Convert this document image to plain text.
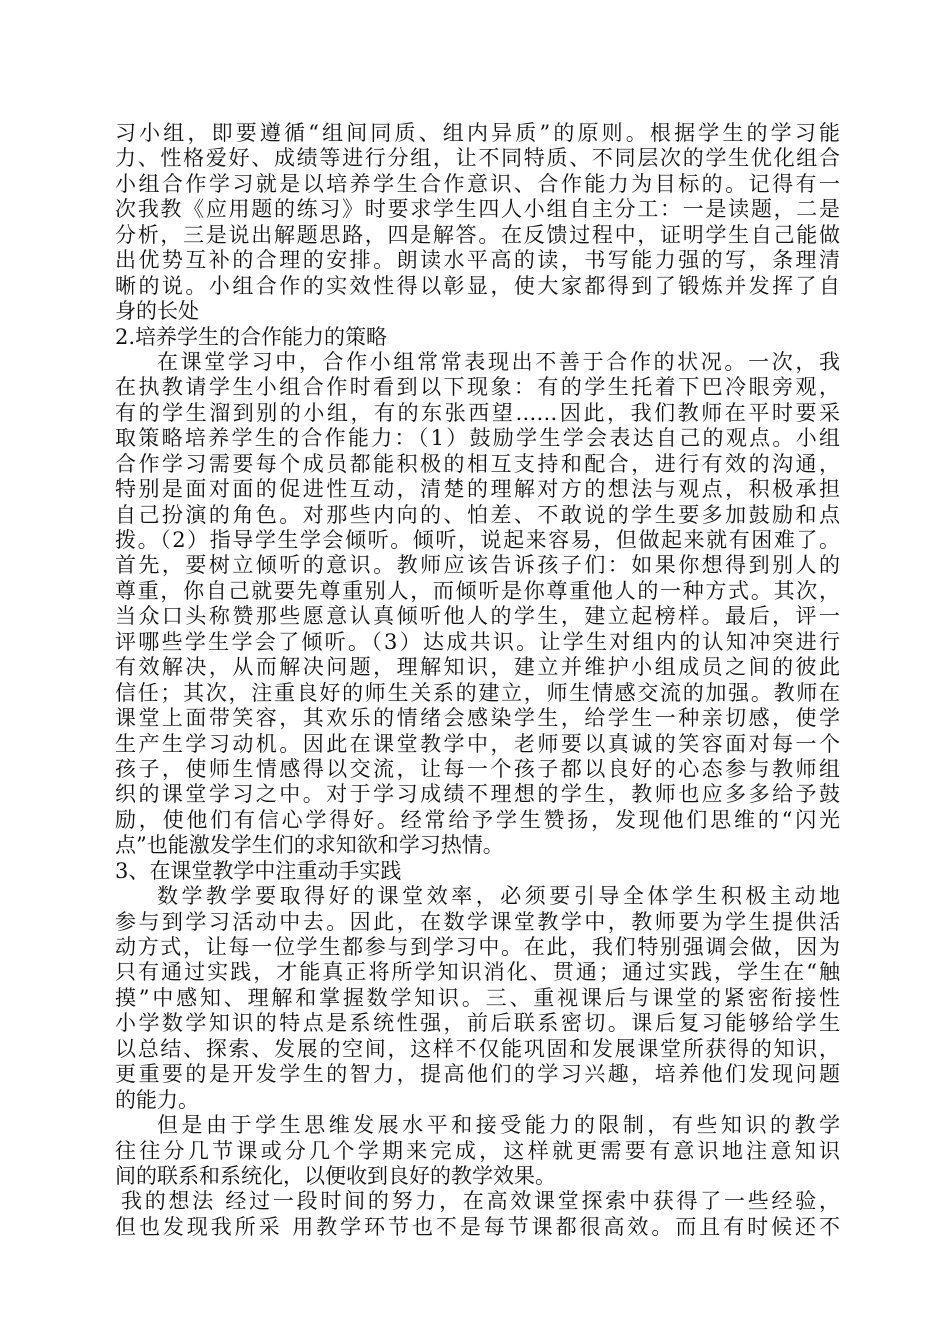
习小组，即要遵循“组间同质、组内异质”的原则。根据学生的学习能
力、性格爱好、成绩等进行分组，让不同特质、不同层次的学生优化组合
小组合作学习就是以培养学生合作意识、合作能力为目标的。记得有一
次我教《应用题的练习》时要求学生四人小组自主分工：一是读题，二是
分析，三是说出解题思路，四是解答。在反馈过程中，证明学生自己能做
出优势互补的合理的安排。朗读水平高的读，书写能力强的写，条理清
晰的说。小组合作的实效性得以彰显，使大家都得到了锻炼并发挥了自
身的长处
2.培养学生的合作能力的策略
在课堂学习中，合作小组常常表现出不善于合作的状况。一次，我
在执教请学生小组合作时看到以下现象：有的学生托着下巴冷眼旁观，
有的学生溜到别的小组，有的东张西望……因此，我们教师在平时要采
取策略培养学生的合作能力：（1）鼓励学生学会表达自己的观点。小组
合作学习需要每个成员都能积极的相互支持和配合，进行有效的沟通，
特别是面对面的促进性互动，清楚的理解对方的想法与观点，积极承担
自己扮演的角色。对那些内向的、怕差、不敢说的学生要多加鼓励和点
拨。（2）指导学生学会倾听。倾听，说起来容易，但做起来就有困难了。
首先，要树立倾听的意识。教师应该告诉孩子们：如果你想得到别人的
尊重，你自己就要先尊重别人，而倾听是你尊重他人的一种方式。其次，
当众口头称赞那些愿意认真倾听他人的学生，建立起榜样。最后，评一
评哪些学生学会了倾听。（3）达成共识。让学生对组内的认知冲突进行
有效解决，从而解决问题，理解知识，建立并维护小组成员之间的彼此
信任；其次，注重良好的师生关系的建立，师生情感交流的加强。教师在
课堂上面带笑容，其欢乐的情绪会感染学生，给学生一种亲切感，使学
生产生学习动机。因此在课堂教学中，老师要以真诚的笑容面对每一个
孩子，使师生情感得以交流，让每一个孩子都以良好的心态参与教师组
织的课堂学习之中。对于学习成绩不理想的学生，教师也应多多给予鼓
励，使他们有信心学得好。经常给予学生赞扬，发现他们思维的“闪光
点”也能激发学生们的求知欲和学习热情。
3、在课堂教学中注重动手实践
数学教学要取得好的课堂效率，必须要引导全体学生积极主动地
参与到学习活动中去。因此，在数学课堂教学中，教师要为学生提供活
动方式，让每一位学生都参与到学习中。在此，我们特别强调会做，因为
只有通过实践，才能真正将所学知识消化、贯通；通过实践，学生在“触
摸”中感知、理解和掌握数学知识。三、重视课后与课堂的紧密衔接性
小学数学知识的特点是系统性强，前后联系密切。课后复习能够给学生
以总结、探索、发展的空间，这样不仅能巩固和发展课堂所获得的知识，
更重要的是开发学生的智力，提高他们的学习兴趣，培养他们发现问题
的能力。
但是由于学生思维发展水平和接受能力的限制，有些知识的教学
往往分几节课或分几个学期来完成，这样就更需要有意识地注意知识
间的联系和系统化，以便收到良好的教学效果。
我的想法 经过一段时间的努力，在高效课堂探索中获得了一些经验，
但也发现我所采 用教学环节也不是每节课都很高效。而且有时候还不
